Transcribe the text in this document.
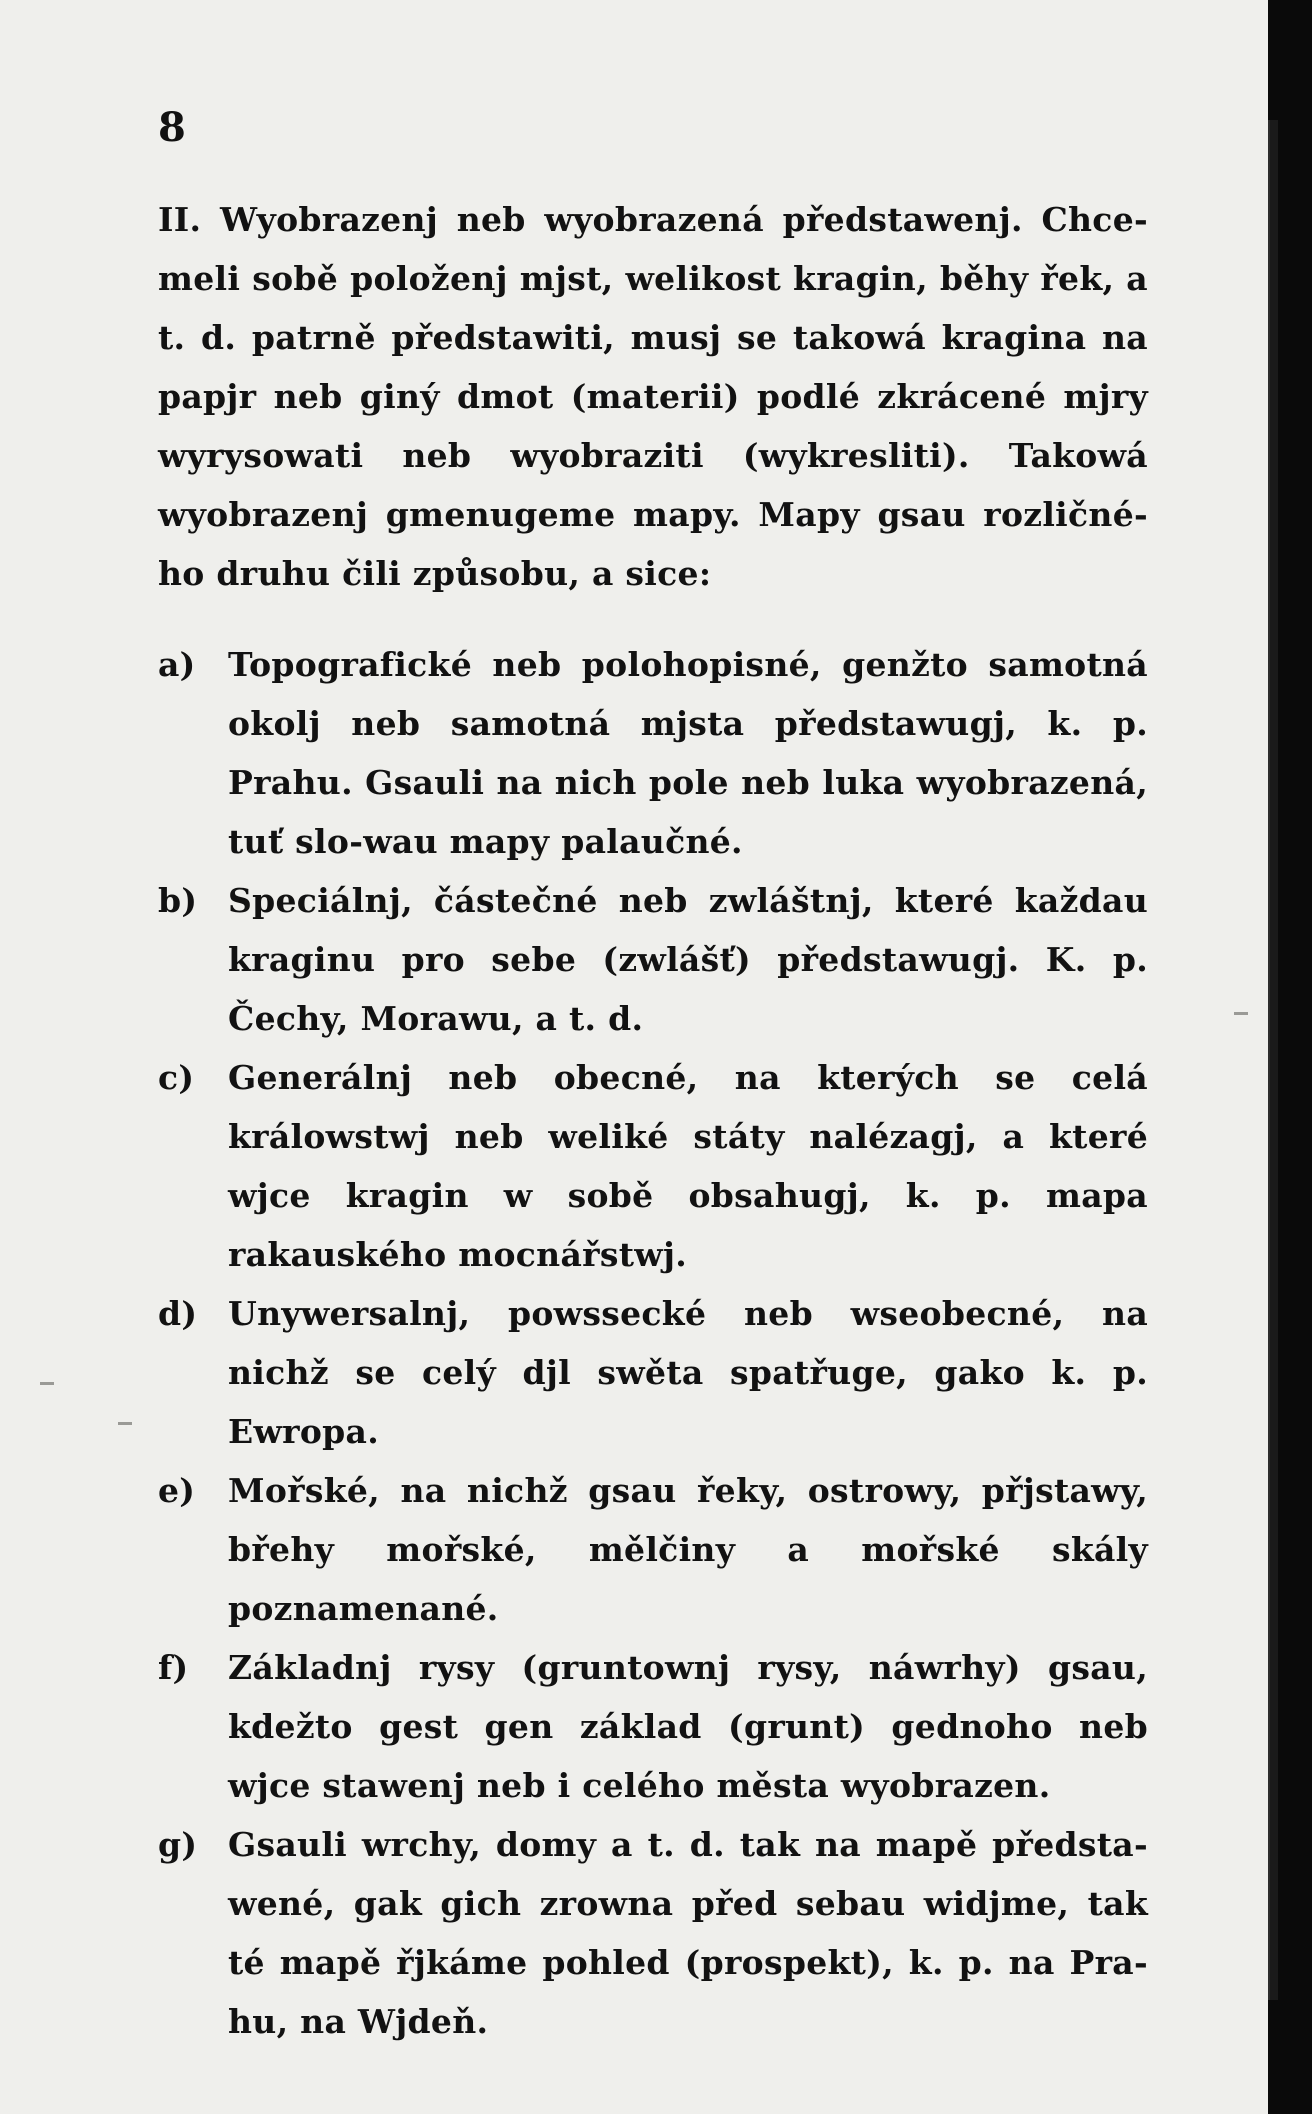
8

II. Wyobrazenj neb wyobrazená předstawenj. Chce-meli sobě položenj mjst, welikost kragin, běhy řek, a t. d. patrně předstawiti, musj se takowá kragina na papjr neb giný dmot (materii) podlé zkrácené mjry wyrysowati neb wyobraziti (wykresliti). Takowá wyobrazenj gmenugeme mapy. Mapy gsau rozličné-ho druhu čili způsobu, a sice:

a) Topografické neb polohopisné, genžto samotná okolj neb samotná mjsta předstawugj, k. p. Prahu. Gsauli na nich pole neb luka wyobrazená, tuť slo-wau mapy palaučné.
b) Speciálnj, částečné neb zwláštnj, které každau kraginu pro sebe (zwlášť) předstawugj. K. p. Čechy, Morawu, a t. d.
c)	Generálnj neb obecné, na kterých se celá králowstwj neb weliké státy nalézagj, a které wjce kragin w sobě obsahugj, k. p. mapa rakauského mocnářstwj.
d) Unywersalnj, powssecké neb wseobecné, na nichž se celý djl swěta spatřuge, gako k. p. Ewropa.
e) Mořské, na nichž gsau řeky, ostrowy, přjstawy, břehy mořské, mělčiny a mořské skály poznamenané.
f)	Základnj rysy (gruntownj rysy, náwrhy) gsau, kdežto gest gen základ (grunt) gednoho neb wjce stawenj neb i celého města wyobrazen.
g) Gsauli wrchy, domy a t. d. tak na mapě předsta-wené, gak gich zrowna před sebau widjme, tak té mapě řjkáme pohled (prospekt), k. p. na Pra-hu, na Wjdeň.
